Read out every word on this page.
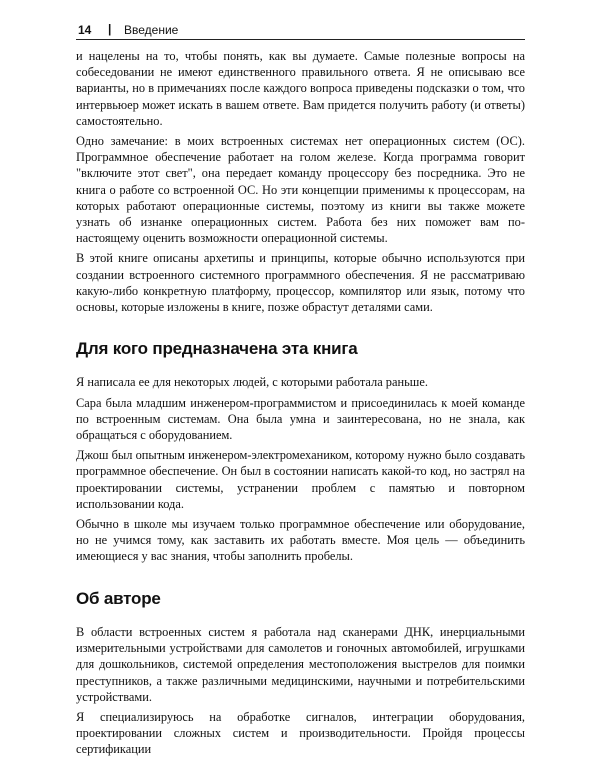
14 | Введение

и нацелены на то, чтобы понять, как вы думаете. Самые полезные вопросы на собеседовании не имеют единственного правильного ответа. Я не описываю все варианты, но в примечаниях после каждого вопроса приведены подсказки о том, что интервьюер может искать в вашем ответе. Вам придется получить работу (и ответы) самостоятельно.

Одно замечание: в моих встроенных системах нет операционных систем (ОС). Программное обеспечение работает на голом железе. Когда программа говорит "включите этот свет", она передает команду процессору без посредника. Это не книга о работе со встроенной ОС. Но эти концепции применимы к процессорам, на которых работают операционные системы, поэтому из книги вы также можете узнать об изнанке операционных систем. Работа без них поможет вам по-настоящему оценить возможности операционной системы.

В этой книге описаны архетипы и принципы, которые обычно используются при создании встроенного системного программного обеспечения. Я не рассматриваю какую-либо конкретную платформу, процессор, компилятор или язык, потому что основы, которые изложены в книге, позже обрастут деталями сами.

Для кого предназначена эта книга

Я написала ее для некоторых людей, с которыми работала раньше.

Сара была младшим инженером-программистом и присоединилась к моей команде по встроенным системам. Она была умна и заинтересована, но не знала, как обращаться с оборудованием.

Джош был опытным инженером-электромехаником, которому нужно было создавать программное обеспечение. Он был в состоянии написать какой-то код, но застрял на проектировании системы, устранении проблем с памятью и повторном использовании кода.

Обычно в школе мы изучаем только программное обеспечение или оборудование, но не учимся тому, как заставить их работать вместе. Моя цель — объединить имеющиеся у вас знания, чтобы заполнить пробелы.

Об авторе

В области встроенных систем я работала над сканерами ДНК, инерциальными измерительными устройствами для самолетов и гоночных автомобилей, игрушками для дошкольников, системой определения местоположения выстрелов для поимки преступников, а также различными медицинскими, научными и потребительскими устройствами.

Я специализируюсь на обработке сигналов, интеграции оборудования, проектировании сложных систем и производительности. Пройдя процессы сертификации
